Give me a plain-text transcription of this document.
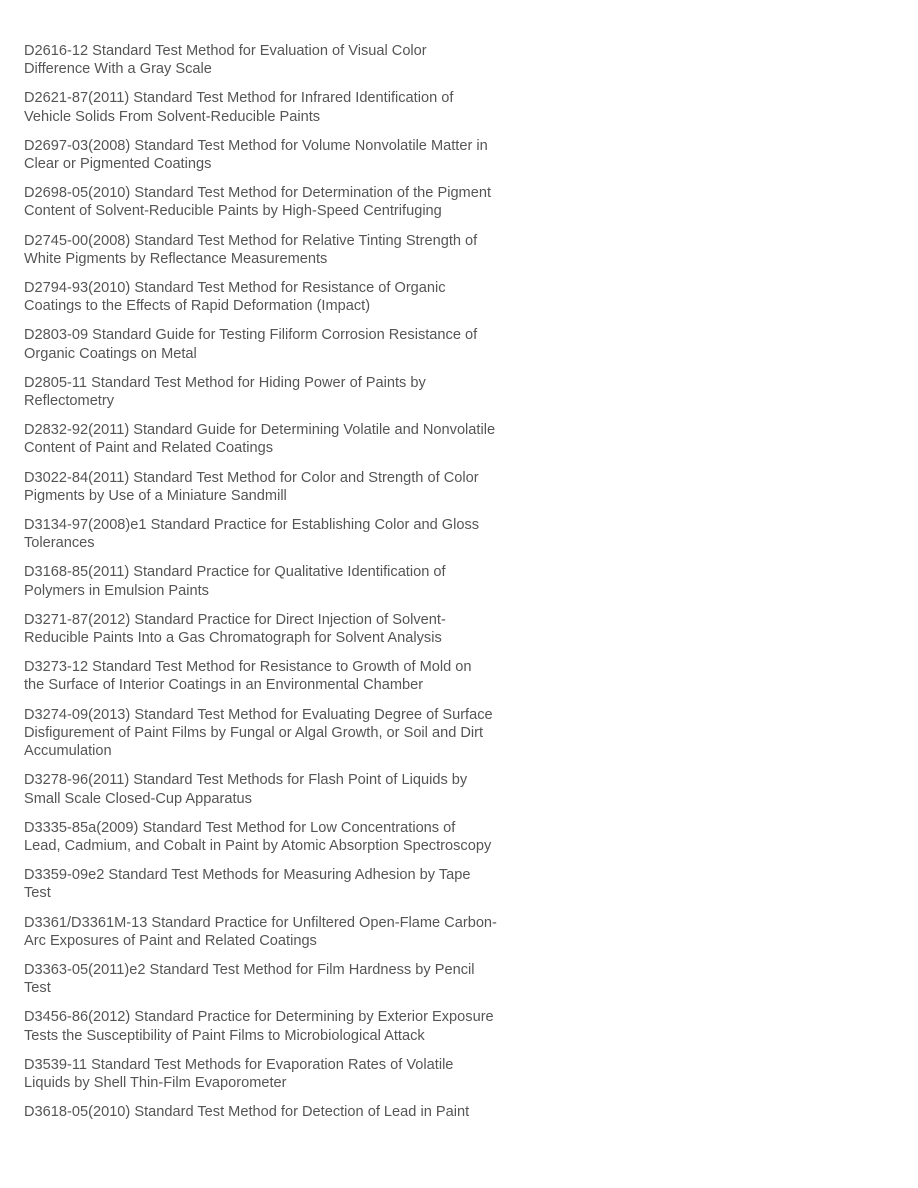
D2616-12 Standard Test Method for Evaluation of Visual Color
Difference With a Gray Scale

D2621-87(2011) Standard Test Method for Infrared Identification of
Vehicle Solids From Solvent-Reducible Paints

D2697-03(2008) Standard Test Method for Volume Nonvolatile Matter in
Clear or Pigmented Coatings

D2698-05(2010) Standard Test Method for Determination of the Pigment
Content of Solvent-Reducible Paints by High-Speed Centrifuging

D2745-00(2008) Standard Test Method for Relative Tinting Strength of
White Pigments by Reflectance Measurements

D2794-93(2010) Standard Test Method for Resistance of Organic
Coatings to the Effects of Rapid Deformation (Impact)

D2803-09 Standard Guide for Testing Filiform Corrosion Resistance of
Organic Coatings on Metal

D2805-11 Standard Test Method for Hiding Power of Paints by
Reflectometry

D2832-92(2011) Standard Guide for Determining Volatile and Nonvolatile
Content of Paint and Related Coatings

D3022-84(2011) Standard Test Method for Color and Strength of Color
Pigments by Use of a Miniature Sandmill

D3134-97(2008)e1 Standard Practice for Establishing Color and Gloss
Tolerances

D3168-85(2011) Standard Practice for Qualitative Identification of
Polymers in Emulsion Paints

D3271-87(2012) Standard Practice for Direct Injection of Solvent-
Reducible Paints Into a Gas Chromatograph for Solvent Analysis

D3273-12 Standard Test Method for Resistance to Growth of Mold on
the Surface of Interior Coatings in an Environmental Chamber

D3274-09(2013) Standard Test Method for Evaluating Degree of Surface
Disfigurement of Paint Films by Fungal or Algal Growth, or Soil and Dirt
Accumulation

D3278-96(2011) Standard Test Methods for Flash Point of Liquids by
Small Scale Closed-Cup Apparatus

D3335-85a(2009) Standard Test Method for Low Concentrations of
Lead, Cadmium, and Cobalt in Paint by Atomic Absorption Spectroscopy

D3359-09e2 Standard Test Methods for Measuring Adhesion by Tape
Test

D3361/D3361M-13 Standard Practice for Unfiltered Open-Flame Carbon-
Arc Exposures of Paint and Related Coatings

D3363-05(2011)e2 Standard Test Method for Film Hardness by Pencil
Test

D3456-86(2012) Standard Practice for Determining by Exterior Exposure
Tests the Susceptibility of Paint Films to Microbiological Attack

D3539-11 Standard Test Methods for Evaporation Rates of Volatile
Liquids by Shell Thin-Film Evaporometer

D3618-05(2010) Standard Test Method for Detection of Lead in Paint
